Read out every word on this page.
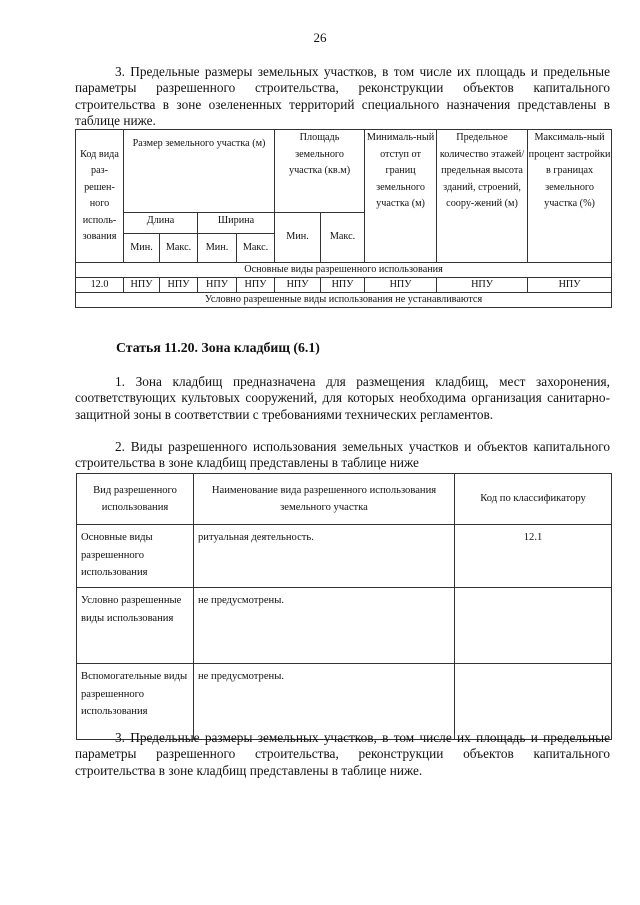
26

3. Предельные размеры земельных участков, в том числе их площадь и предельные параметры разрешенного строительства, реконструкции объектов капитального строительства в зоне озелененных территорий специального назначения представлены в таблице ниже.

Код вида раз-решен-ного исполь-зования	Размер земельного участка (м)				Площадь земельного участка (кв.м)		Минималь-ный отступ от границ земельного участка (м)	Предельное количество этажей/ предельная высота зданий, строений, соору-жений (м)	Максималь-ный процент застройки в границах земельного участка (%)
	Длина		Ширина		Мин.	Макс.			
	Мин.	Макс.	Мин.	Макс.					
Основные виды разрешенного использования									
12.0	НПУ	НПУ	НПУ	НПУ	НПУ	НПУ	НПУ	НПУ	НПУ
Условно разрешенные виды использования не устанавливаются									

Статья 11.20. Зона кладбищ (6.1)

1. Зона кладбищ предназначена для размещения кладбищ, мест захоронения, соответствующих культовых сооружений, для которых необходима организация санитарно-защитной зоны в соответствии с требованиями технических регламентов.

2. Виды разрешенного использования земельных участков и объектов капитального строительства в зоне кладбищ представлены в таблице ниже

Вид разрешенного использования	Наименование вида разрешенного использования земельного участка	Код по классификатору
Основные виды разрешенного использования	ритуальная деятельность.	12.1
Условно разрешенные виды использования	не предусмотрены.	
Вспомогательные виды разрешенного использования	не предусмотрены.	

3. Предельные размеры земельных участков, в том числе их площадь и предельные параметры разрешенного строительства, реконструкции объектов капитального строительства в зоне кладбищ представлены в таблице ниже.
